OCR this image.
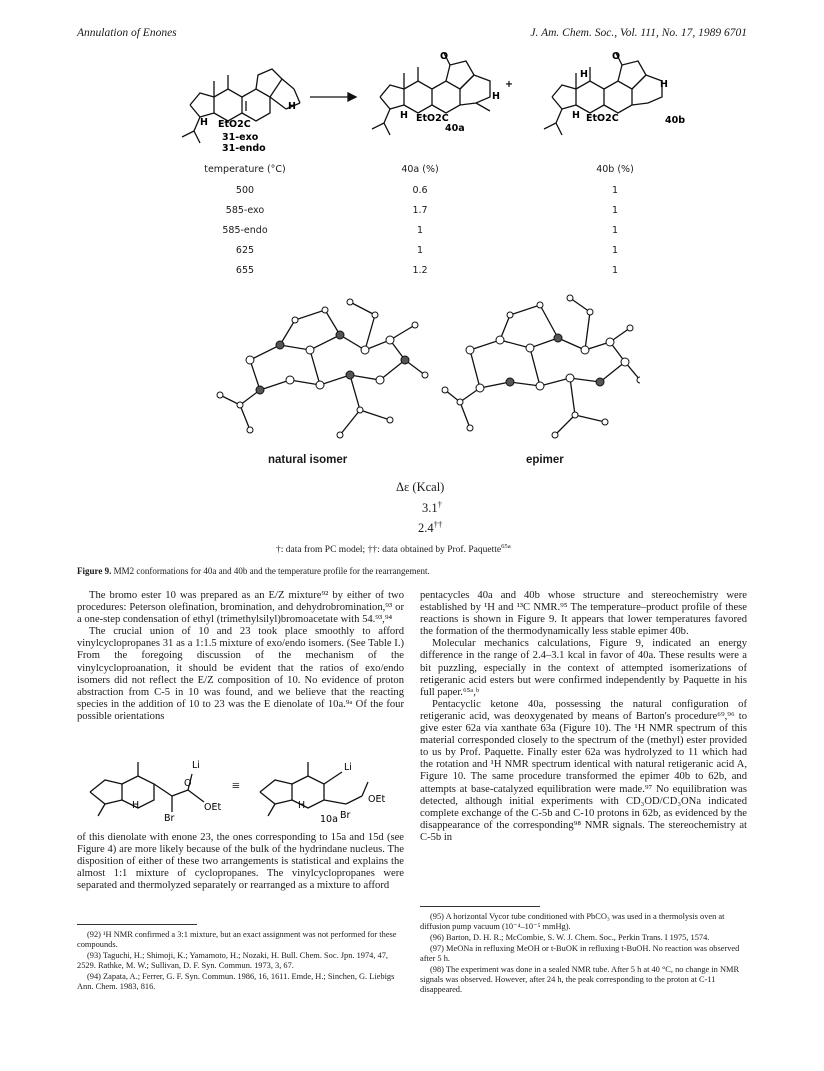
Annulation of Enones	J. Am. Chem. Soc., Vol. 111, No. 17, 1989 6701
H EtO2C
H
31-exo
31-endo
O
H EtO2C
H
40a
+
O
H
H EtO2C
H
40b
temperature (°C)	40a (%)	40b (%)
500	0.6	1
585-exo	1.7	1
585-endo	1	1
625	1	1
655	1.2	1
natural isomer	epimer
Δε (Kcal)
3.1†
2.4††
†: data from PC model; ††: data obtained by Prof. Paquette$^{65a}$
Figure 9. MM2 conformations for 40a and 40b and the temperature profile for the rearrangement.

The bromo ester 10 was prepared as an E/Z mixture⁹² by either of two procedures: Peterson olefination, bromination, and dehydrobromination,⁹³ or a one-step condensation of ethyl (trimethylsilyl)bromoacetate with 54.⁹³,⁹⁴

The crucial union of 10 and 23 took place smoothly to afford vinylcyclopropanes 31 as a 1:1.5 mixture of exo/endo isomers. (See Table I.) From the foregoing discussion of the mechanism of the vinylcycloproanation, it should be evident that the ratios of exo/endo isomers did not reflect the E/Z composition of 10. No evidence of proton abstraction from C-5 in 10 was found, and we believe that the reacting species in the addition of 10 to 23 was the E dienolate of 10a.⁹ᵃ Of the four possible orientations

Li
O
Br
OEt
H
≡
Li
Br
OEt
H
10a

of this dienolate with enone 23, the ones corresponding to 15a and 15d (see Figure 4) are more likely because of the bulk of the hydrindane nucleus. The disposition of either of these two arrangements is statistical and explains the almost 1:1 mixture of cyclopropanes. The vinylcyclopropanes were separated and thermolyzed separately or rearranged as a mixture to afford

pentacycles 40a and 40b whose structure and stereochemistry were established by ¹H and ¹³C NMR.⁹⁵ The temperature–product profile of these reactions is shown in Figure 9. It appears that lower temperatures favored the formation of the thermodynamically less stable epimer 40b.

Molecular mechanics calculations, Figure 9, indicated an energy difference in the range of 2.4–3.1 kcal in favor of 40a. These results were a bit puzzling, especially in the context of attempted isomerizations of retigeranic acid esters but were confirmed independently by Paquette in his full paper.⁶⁵ᵃ,ᵇ

Pentacyclic ketone 40a, possessing the natural configuration of retigeranic acid, was deoxygenated by means of Barton's procedure⁶⁹,⁹⁶ to give ester 62a via xanthate 63a (Figure 10). The ¹H NMR spectrum of this material corresponded closely to the spectrum of the (methyl) ester provided to us by Prof. Paquette. Finally ester 62a was hydrolyzed to 11 which had the rotation and ¹H NMR spectrum identical with natural retigeranic acid A, Figure 10. The same procedure transformed the epimer 40b to 62b, and attempts at base-catalyzed equilibration were made.⁹⁷ No equilibration was detected, although initial experiments with CD₃OD/CD₃ONa indicated complete exchange of the C-5b and C-10 protons in 62b, as evidenced by the disappearance of the corresponding⁹⁸ NMR signals. The stereochemistry at C-5b in

(92) ¹H NMR confirmed a 3:1 mixture, but an exact assignment was not performed for these compounds.

(93) Taguchi, H.; Shimoji, K.; Yamamoto, H.; Nozaki, H. Bull. Chem. Soc. Jpn. 1974, 47, 2529. Rathke, M. W.; Sullivan, D. F. Syn. Commun. 1973, 3, 67.

(94) Zapata, A.; Ferrer, G. F. Syn. Commun. 1986, 16, 1611. Emde, H.; Sinchen, G. Liebigs Ann. Chem. 1983, 816.

(95) A horizontal Vycor tube conditioned with PbCO₃ was used in a thermolysis oven at diffusion pump vacuum (10⁻⁴–10⁻⁵ mmHg).

(96) Barton, D. H. R.; McCombie, S. W. J. Chem. Soc., Perkin Trans. I 1975, 1574.

(97) MeONa in refluxing MeOH or t-BuOK in refluxing t-BuOH. No reaction was observed after 5 h.

(98) The experiment was done in a sealed NMR tube. After 5 h at 40 °C, no change in NMR signals was observed. However, after 24 h, the peak corresponding to the proton at C-11 disappeared.
